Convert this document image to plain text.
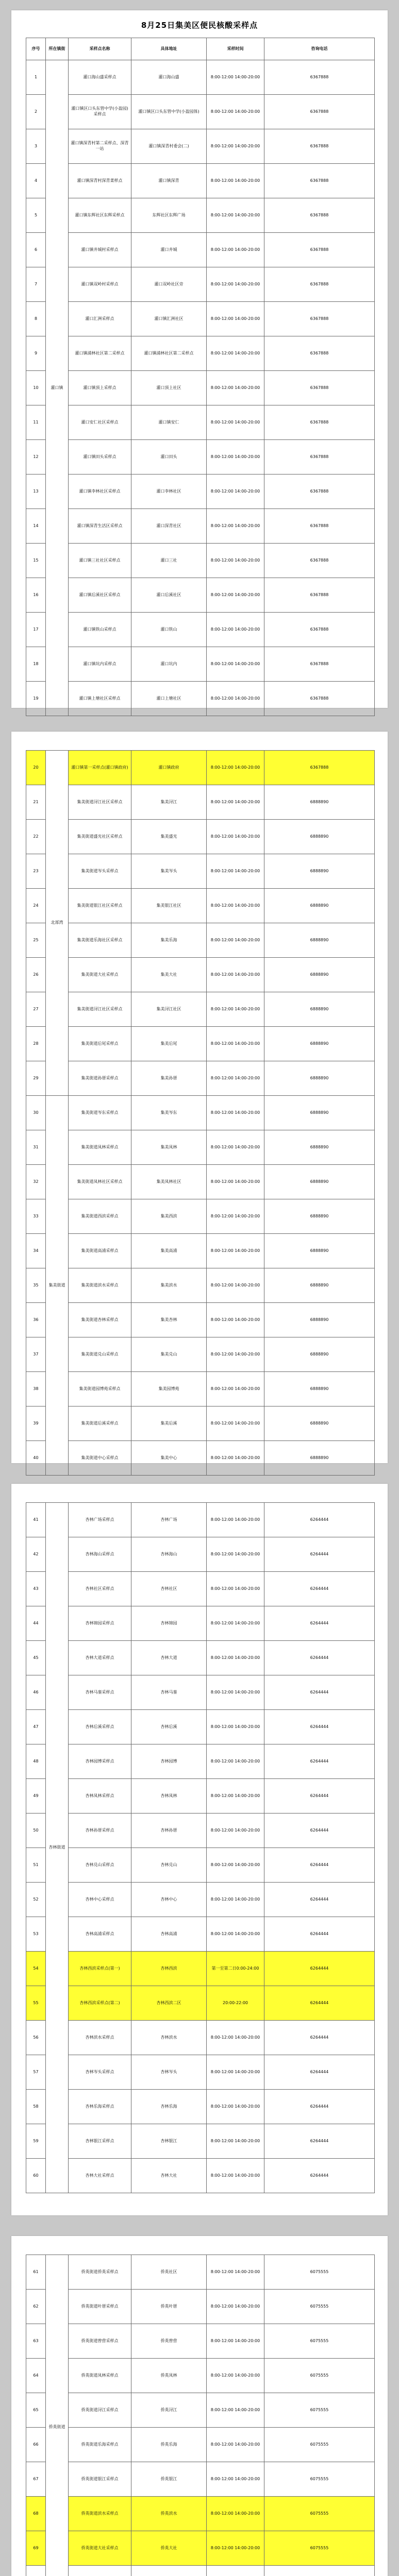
8月25日集美区便民核酸采样点
序号	所在镇街	采样点名称	具体地址	采样时间	咨询电话
1	灌口镇	灌口海山盛采样点	灌口海山盛	8:00-12:00 14:00-20:00	6367888
2		灌口镇区口头东管中学(小盈园)采样点	灌口镇区口头东管中学(小盈园体)	8:00-12:00 14:00-20:00	6367888
3		灌口镇深青村第二采样点、深青一站	灌口镇深青村委会(二)	8:00-12:00 14:00-20:00	6367888
4		灌口镇深青村深青菜样点	灌口镇深青	8:00-12:00 14:00-20:00	6367888
5		灌口镇东辉社区东辉采样点	东辉社区东辉广场	8:00-12:00 14:00-20:00	6367888
6		灌口镇井城村采样点	灌口井城	8:00-12:00 14:00-20:00	6367888
7		灌口镇双岭村采样点	灌口双岭社区旁	8:00-12:00 14:00-20:00	6367888
8		灌口汇洲采样点	灌口镇汇洲社区	8:00-12:00 14:00-20:00	6367888
9		灌口镇浦林社区第二采样点	灌口镇浦林社区第二采样点	8:00-12:00 14:00-20:00	6367888
10		灌口镇顶上采样点	灌口顶上社区	8:00-12:00 14:00-20:00	6367888
11		灌口安仁社区采样点	灌口镇安仁	8:00-12:00 14:00-20:00	6367888
12		灌口镇田头采样点	灌口田头	8:00-12:00 14:00-20:00	6367888
13		灌口镇李林社区采样点	灌口李林社区	8:00-12:00 14:00-20:00	6367888
14		灌口镇深青生活区采样点	灌口深青社区	8:00-12:00 14:00-20:00	6367888
15		灌口镇三社社区采样点	灌口三社	8:00-12:00 14:00-20:00	6367888
16		灌口镇后溪社区采样点	灌口后溪社区	8:00-12:00 14:00-20:00	6367888
17		灌口镇铁山采样点	灌口铁山	8:00-12:00 14:00-20:00	6367888
18		灌口镇坑内采样点	灌口坑内	8:00-12:00 14:00-20:00	6367888
19		灌口镇上塘社区采样点	灌口上塘社区	8:00-12:00 14:00-20:00	6367888
20	北部湾	灌口镇第一采样点(灌口镇政府)	灌口镇政府	8:00-12:00 14:00-20:00	6367888
21		集美街道浔江社区采样点	集美浔江	8:00-12:00 14:00-20:00	6888890
22		集美街道盛光社区采样点	集美盛光	8:00-12:00 14:00-20:00	6888890
23		集美街道岑头采样点	集美岑头	8:00-12:00 14:00-20:00	6888890
24		集美街道银江社区采样点	集美银江社区	8:00-12:00 14:00-20:00	6888890
25		集美街道乐海社区采样点	集美乐海	8:00-12:00 14:00-20:00	6888890
26		集美街道大社采样点	集美大社	8:00-12:00 14:00-20:00	6888890
27		集美街道浔江社区采样点	集美浔江社区	8:00-12:00 14:00-20:00	6888890
28		集美街道后尾采样点	集美后尾	8:00-12:00 14:00-20:00	6888890
29		集美街道孙厝采样点	集美孙厝	8:00-12:00 14:00-20:00	6888890
30	集美街道	集美街道岑东采样点	集美岑东	8:00-12:00 14:00-20:00	6888890
31		集美街道凤林采样点	集美凤林	8:00-12:00 14:00-20:00	6888890
32		集美街道凤林社区采样点	集美凤林社区	8:00-12:00 14:00-20:00	6888890
33		集美街道西滨采样点	集美西滨	8:00-12:00 14:00-20:00	6888890
34		集美街道高浦采样点	集美高浦	8:00-12:00 14:00-20:00	6888890
35		集美街道滨水采样点	集美滨水	8:00-12:00 14:00-20:00	6888890
36		集美街道杏林采样点	集美杏林	8:00-12:00 14:00-20:00	6888890
37		集美街道兑山采样点	集美兑山	8:00-12:00 14:00-20:00	6888890
38		集美街道园博苑采样点	集美园博苑	8:00-12:00 14:00-20:00	6888890
39		集美街道后溪采样点	集美后溪	8:00-12:00 14:00-20:00	6888890
40		集美街道中心采样点	集美中心	8:00-12:00 14:00-20:00	6888890
41	杏林街道	杏林广场采样点	杏林广场	8:00-12:00 14:00-20:00	6264444
42		杏林海山采样点	杏林海山	8:00-12:00 14:00-20:00	6264444
43		杏林社区采样点	杏林社区	8:00-12:00 14:00-20:00	6264444
44		杏林锦园采样点	杏林锦园	8:00-12:00 14:00-20:00	6264444
45		杏林大道采样点	杏林大道	8:00-12:00 14:00-20:00	6264444
46		杏林马銮采样点	杏林马銮	8:00-12:00 14:00-20:00	6264444
47		杏林后溪采样点	杏林后溪	8:00-12:00 14:00-20:00	6264444
48		杏林园博采样点	杏林园博	8:00-12:00 14:00-20:00	6264444
49		杏林凤林采样点	杏林凤林	8:00-12:00 14:00-20:00	6264444
50		杏林孙厝采样点	杏林孙厝	8:00-12:00 14:00-20:00	6264444
51		杏林兑山采样点	杏林兑山	8:00-12:00 14:00-20:00	6264444
52		杏林中心采样点	杏林中心	8:00-12:00 14:00-20:00	6264444
53		杏林高浦采样点	杏林高浦	8:00-12:00 14:00-20:00	6264444
54		杏林西滨采样点(第一)	杏林西滨	第一至第二日0:00-24:00	6264444
55		杏林西滨采样点(第二)	杏林西滨二区	20:00-22:00	6264444
56		杏林滨水采样点	杏林滨水	8:00-12:00 14:00-20:00	6264444
57		杏林岑头采样点	杏林岑头	8:00-12:00 14:00-20:00	6264444
58		杏林乐海采样点	杏林乐海	8:00-12:00 14:00-20:00	6264444
59		杏林银江采样点	杏林银江	8:00-12:00 14:00-20:00	6264444
60		杏林大社采样点	杏林大社	8:00-12:00 14:00-20:00	6264444
61	侨英街道	侨英街道侨英采样点	侨英社区	8:00-12:00 14:00-20:00	6075555
62		侨英街道叶厝采样点	侨英叶厝	8:00-12:00 14:00-20:00	6075555
63		侨英街道曾营采样点	侨英曾营	8:00-12:00 14:00-20:00	6075555
64		侨英街道凤林采样点	侨英凤林	8:00-12:00 14:00-20:00	6075555
65		侨英街道浔江采样点	侨英浔江	8:00-12:00 14:00-20:00	6075555
66		侨英街道乐海采样点	侨英乐海	8:00-12:00 14:00-20:00	6075555
67		侨英街道银江采样点	侨英银江	8:00-12:00 14:00-20:00	6075555
68		侨英街道滨水采样点	侨英滨水	8:00-12:00 14:00-20:00	6075555
69		侨英街道大社采样点	侨英大社	8:00-12:00 14:00-20:00	6075555
